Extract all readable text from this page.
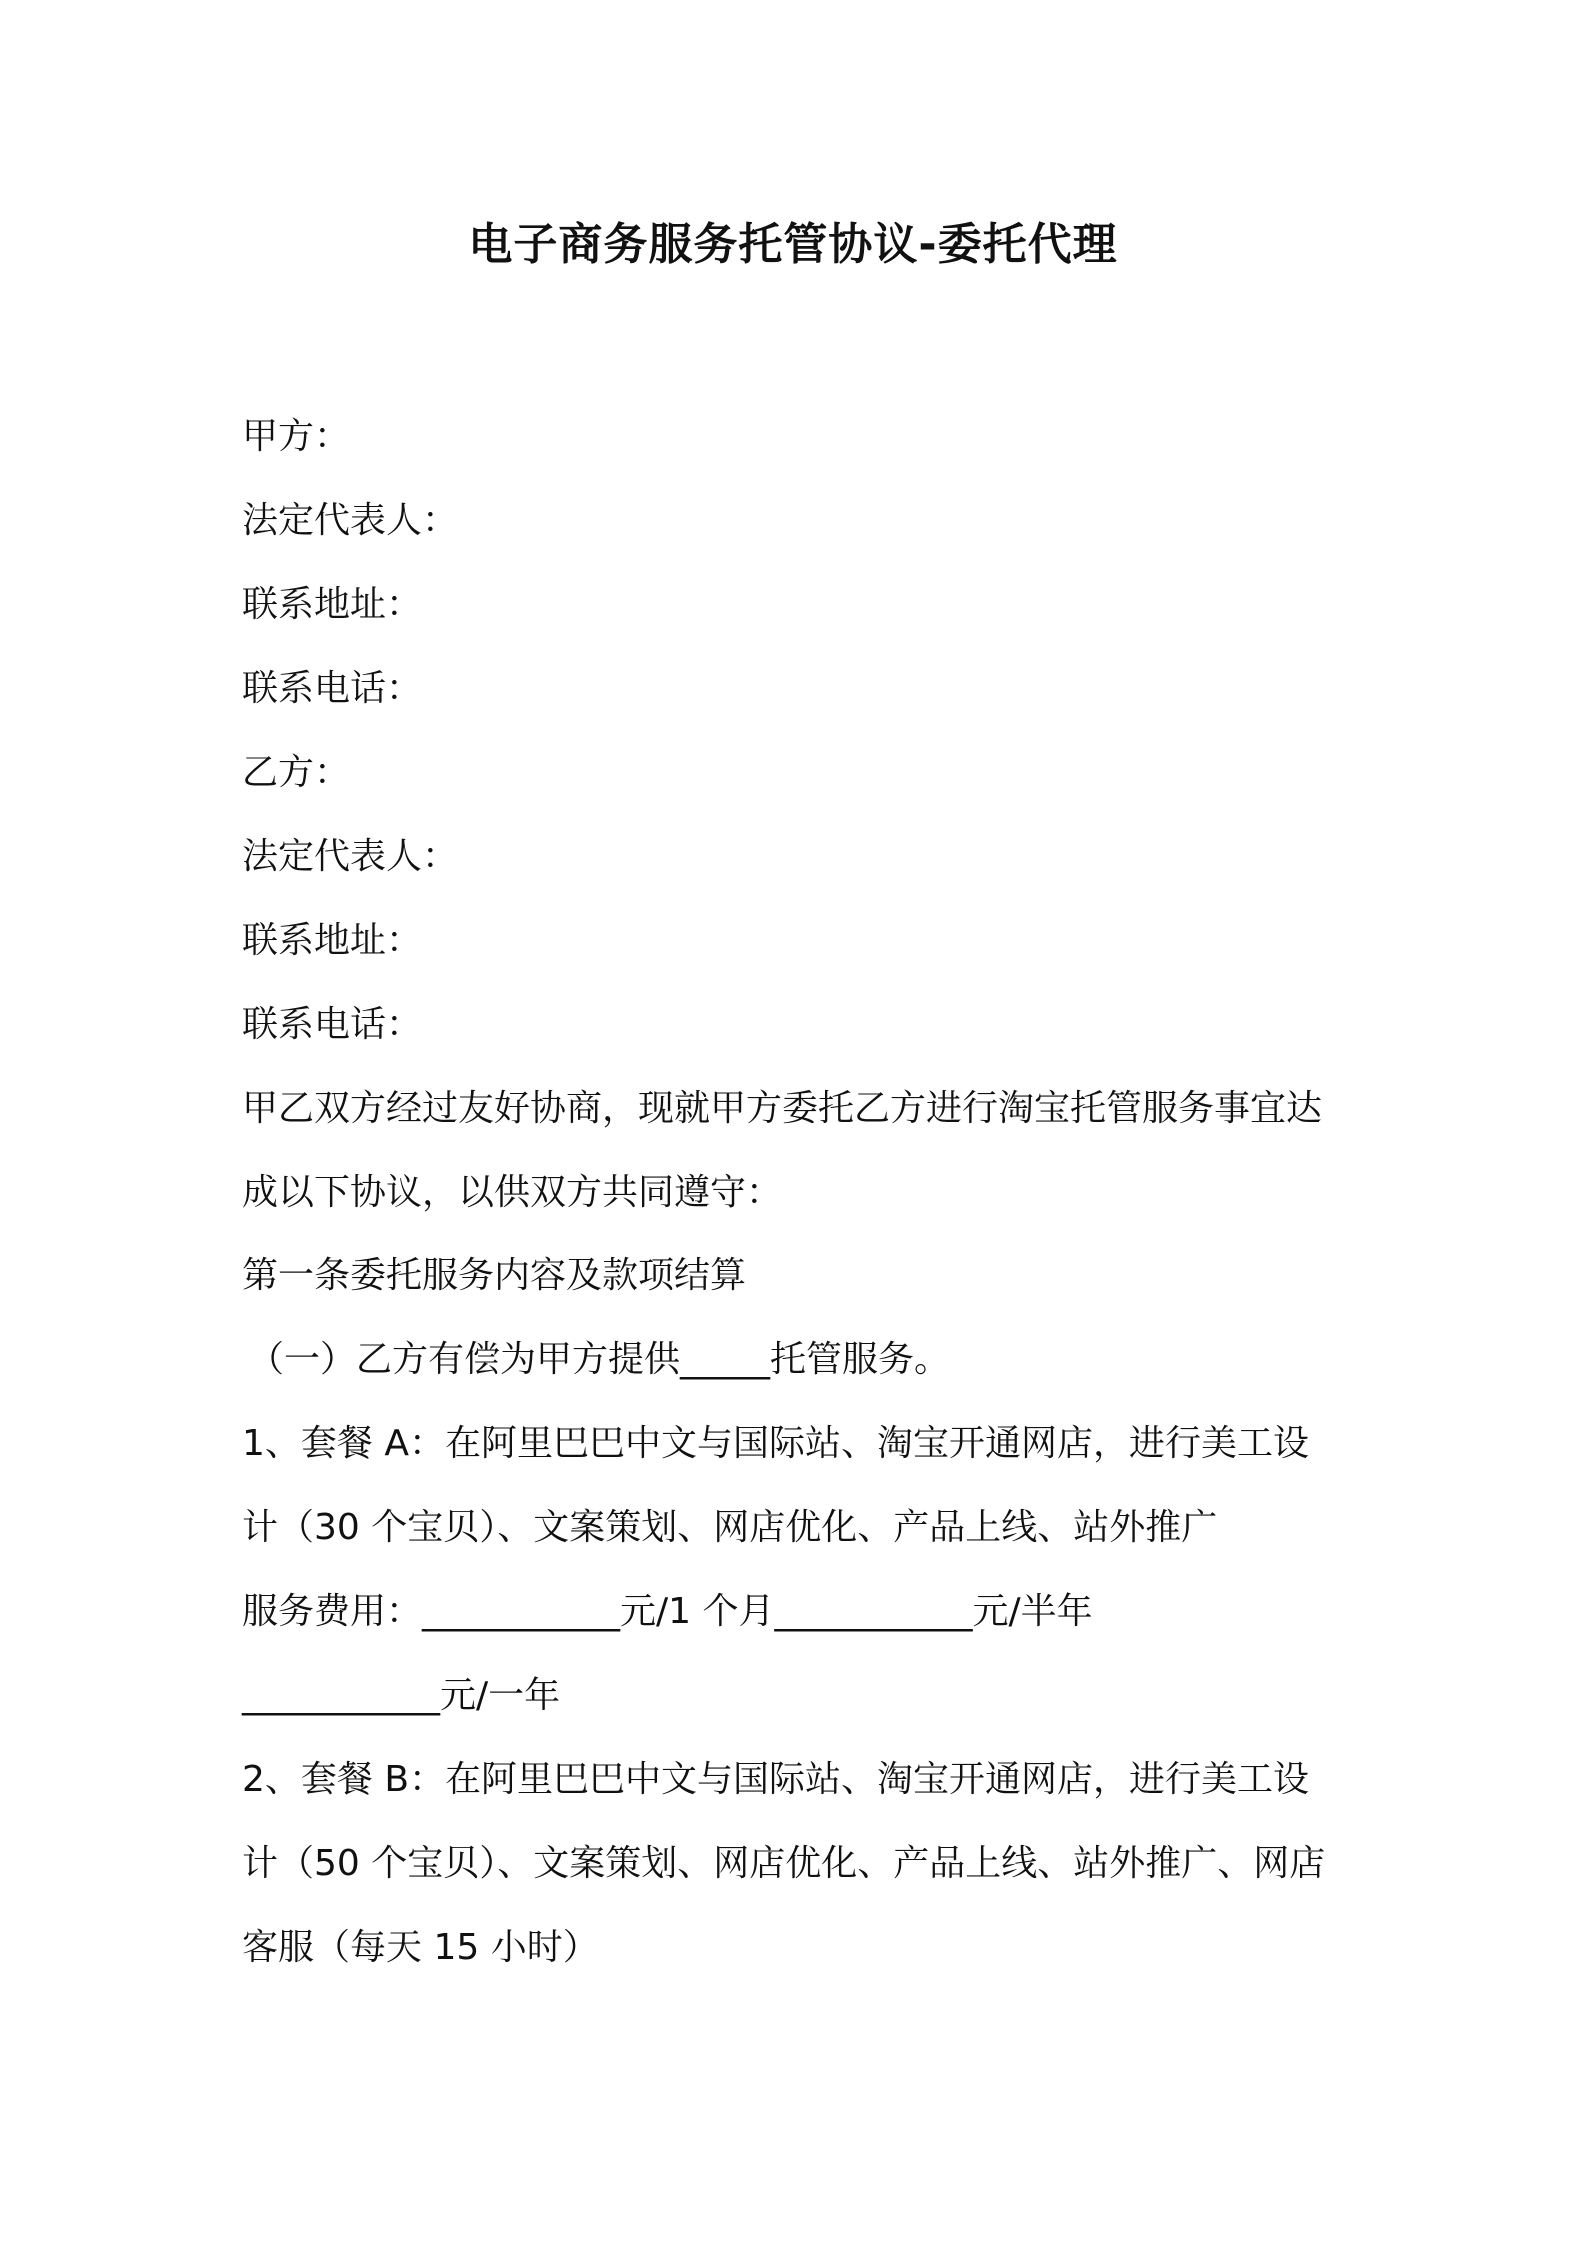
电子商务服务托管协议-委托代理
甲方：
法定代表人：
联系地址：
联系电话：
乙方：
法定代表人：
联系地址：
联系电话：
甲乙双方经过友好协商，现就甲方委托乙方进行淘宝托管服务事宜达
成以下协议，以供双方共同遵守：
第一条委托服务内容及款项结算
（一）乙方有偿为甲方提供_____托管服务。
1、套餐 A：在阿里巴巴中文与国际站、淘宝开通网店，进行美工设
计（30 个宝贝）、文案策划、网店优化、产品上线、站外推广
服务费用：___________元/1 个月___________元/半年
___________元/一年
2、套餐 B：在阿里巴巴中文与国际站、淘宝开通网店，进行美工设
计（50 个宝贝）、文案策划、网店优化、产品上线、站外推广、网店
客服（每天 15 小时）
